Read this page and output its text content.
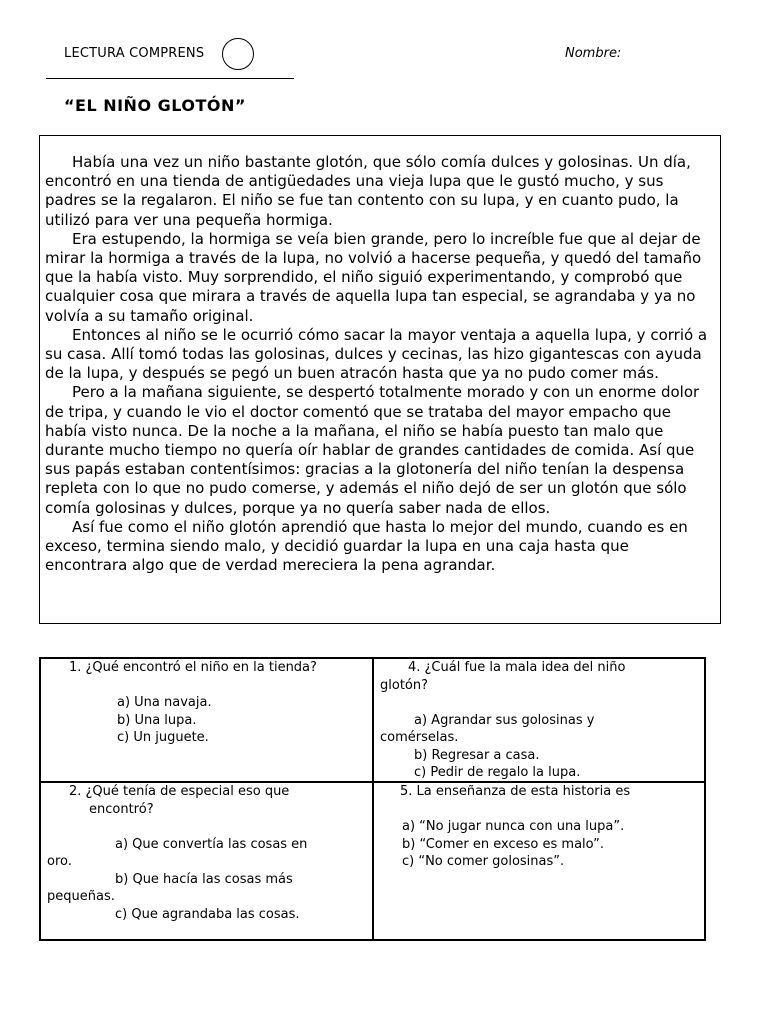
LECTURA COMPRENS	Nombre:
“EL NIÑO GLOTÓN”

Había una vez un niño bastante glotón, que sólo comía dulces y golosinas. Un día, encontró en una tienda de antigüedades una vieja lupa que le gustó mucho, y sus padres se la regalaron. El niño se fue tan contento con su lupa, y en cuanto pudo, la utilizó para ver una pequeña hormiga.

Era estupendo, la hormiga se veía bien grande, pero lo increíble fue que al dejar de mirar la hormiga a través de la lupa, no volvió a hacerse pequeña, y quedó del tamaño que la había visto. Muy sorprendido, el niño siguió experimentando, y comprobó que cualquier cosa que mirara a través de aquella lupa tan especial, se agrandaba y ya no volvía a su tamaño original.

Entonces al niño se le ocurrió cómo sacar la mayor ventaja a aquella lupa, y corrió a su casa. Allí tomó todas las golosinas, dulces y cecinas, las hizo gigantescas con ayuda de la lupa, y después se pegó un buen atracón hasta que ya no pudo comer más.

Pero a la mañana siguiente, se despertó totalmente morado y con un enorme dolor de tripa, y cuando le vio el doctor comentó que se trataba del mayor empacho que había visto nunca. De la noche a la mañana, el niño se había puesto tan malo que durante mucho tiempo no quería oír hablar de grandes cantidades de comida. Así que sus papás estaban contentísimos: gracias a la glotonería del niño tenían la despensa repleta con lo que no pudo comerse, y además el niño dejó de ser un glotón que sólo comía golosinas y dulces, porque ya no quería saber nada de ellos.

Así fue como el niño glotón aprendió que hasta lo mejor del mundo, cuando es en exceso, termina siendo malo, y decidió guardar la lupa en una caja hasta que encontrara algo que de verdad mereciera la pena agrandar.

1. ¿Qué encontró el niño en la tienda?

a) Una navaja.

b) Una lupa.

c) Un juguete.

4. ¿Cuál fue la mala idea del niño

glotón?

a) Agrandar sus golosinas y

comérselas.

b) Regresar a casa.

c) Pedir de regalo la lupa.

2. ¿Qué tenía de especial eso que

encontró?

a) Que convertía las cosas en

oro.

b) Que hacía las cosas más

pequeñas.

c) Que agrandaba las cosas.

5. La enseñanza de esta historia es

a) “No jugar nunca con una lupa”.

b) “Comer en exceso es malo”.

c) “No comer golosinas”.
